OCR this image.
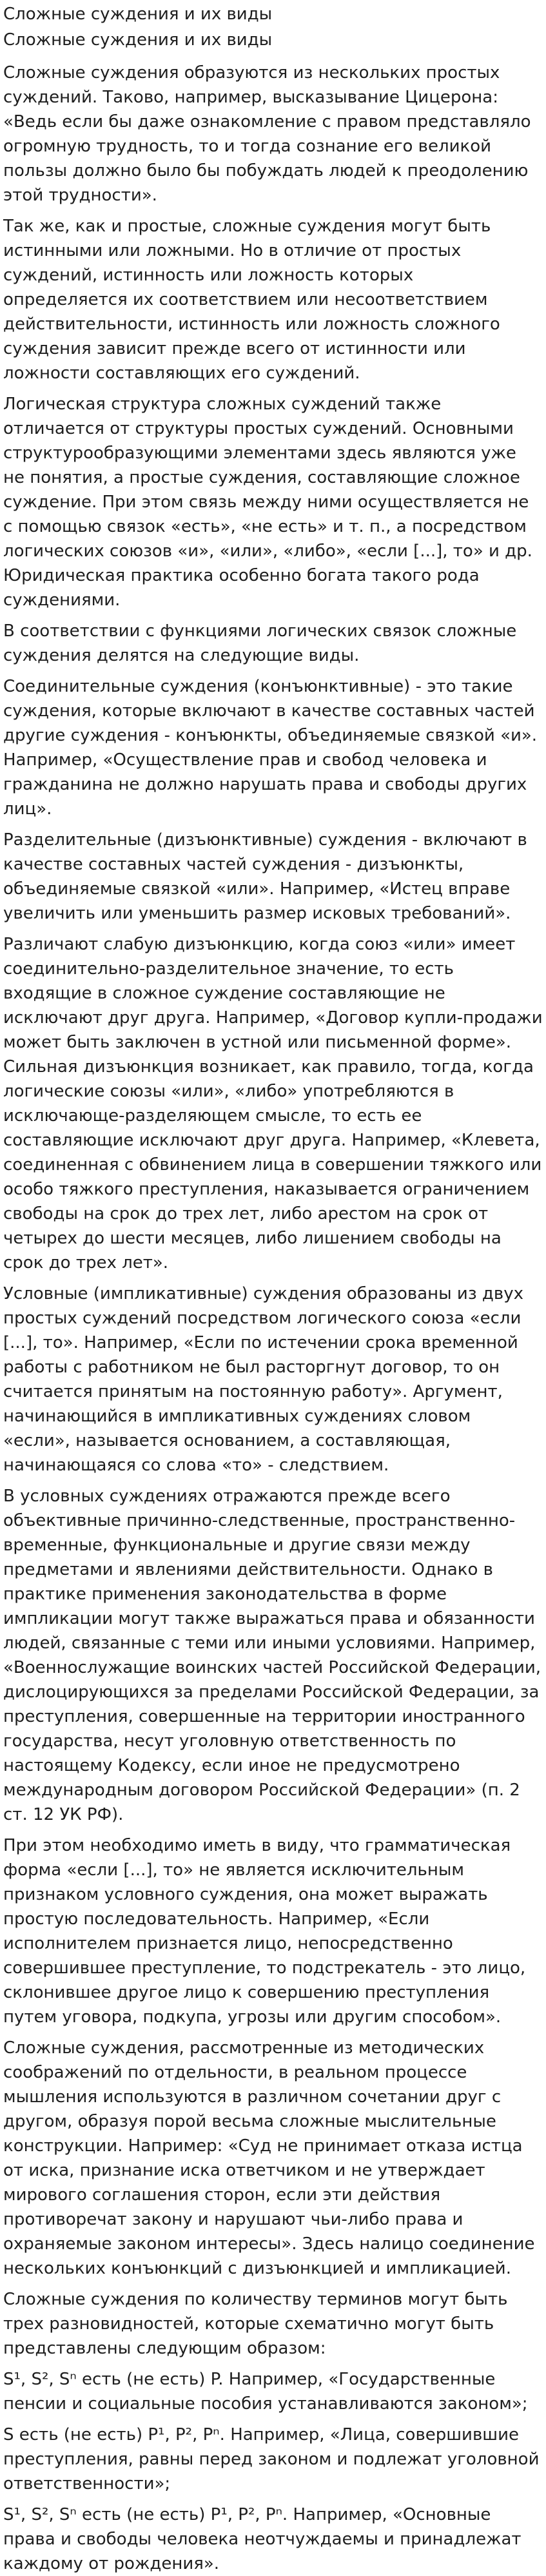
Сложные суждения и их виды
Сложные суждения и их виды

Сложные суждения образуются из нескольких простых суждений. Таково, например, высказывание Цицерона: «Ведь если бы даже ознакомление с правом представляло огромную трудность, то и тогда сознание его великой пользы должно было бы побуждать людей к преодолению этой трудности».

Так же, как и простые, сложные суждения могут быть истинными или ложными. Но в отличие от простых суждений, истинность или ложность которых определяется их соответствием или несоответствием действительности, истинность или ложность сложного суждения зависит прежде всего от истинности или ложности составляющих его суждений.

Логическая структура сложных суждений также отличается от структуры простых суждений. Основными структурообразующими элементами здесь являются уже не понятия, а простые суждения, составляющие сложное суждение. При этом связь между ними осуществляется не с помощью связок «есть», «не есть» и т. п., а посредством логических союзов «и», «или», «либо», «если [...], то» и др. Юридическая практика особенно богата такого рода суждениями.

В соответствии с функциями логических связок сложные суждения делятся на следующие виды.

Соединительные суждения (конъюнктивные) - это такие суждения, которые включают в качестве составных частей другие суждения - конъюнкты, объединяемые связкой «и». Например, «Осуществление прав и свобод человека и гражданина не должно нарушать права и свободы других лиц».

Разделительные (дизъюнктивные) суждения - включают в качестве составных частей суждения - дизъюнкты, объединяемые связкой «или». Например, «Истец вправе увеличить или уменьшить размер исковых требований».

Различают слабую дизъюнкцию, когда союз «или» имеет соединительно-разделительное значение, то есть входящие в сложное суждение составляющие не исключают друг друга. Например, «Договор купли-продажи может быть заключен в устной или письменной форме». Сильная дизъюнкция возникает, как правило, тогда, когда логические союзы «или», «либо» употребляются в исключающе-разделяющем смысле, то есть ее составляющие исключают друг друга. Например, «Клевета, соединенная с обвинением лица в совершении тяжкого или особо тяжкого преступления, наказывается ограничением свободы на срок до трех лет, либо арестом на срок от четырех до шести месяцев, либо лишением свободы на срок до трех лет».

Условные (импликативные) суждения образованы из двух простых суждений посредством логического союза «если [...], то». Например, «Если по истечении срока временной работы с работником не был расторгнут договор, то он считается принятым на постоянную работу». Аргумент, начинающийся в импликативных суждениях словом «если», называется основанием, а составляющая, начинающаяся со слова «то» - следствием.

В условных суждениях отражаются прежде всего объективные причинно-следственные, пространственно-временные, функциональные и другие связи между предметами и явлениями действительности. Однако в практике применения законодательства в форме импликации могут также выражаться права и обязанности людей, связанные с теми или иными условиями. Например, «Военнослужащие воинских частей Российской Федерации, дислоцирующихся за пределами Российской Федерации, за преступления, совершенные на территории иностранного государства, несут уголовную ответственность по настоящему Кодексу, если иное не предусмотрено международным договором Российской Федерации» (п. 2 ст. 12 УК РФ).

При этом необходимо иметь в виду, что грамматическая форма «если [...], то» не является исключительным признаком условного суждения, она может выражать простую последовательность. Например, «Если исполнителем признается лицо, непосредственно совершившее преступление, то подстрекатель - это лицо, склонившее другое лицо к совершению преступления путем уговора, подкупа, угрозы или другим способом».

Сложные суждения, рассмотренные из методических соображений по отдельности, в реальном процессе мышления используются в различном сочетании друг с другом, образуя порой весьма сложные мыслительные конструкции. Например: «Суд не принимает отказа истца от иска, признание иска ответчиком и не утверждает мирового соглашения сторон, если эти действия противоречат закону и нарушают чьи-либо права и охраняемые законом интересы». Здесь налицо соединение нескольких конъюнкций с дизъюнкцией и импликацией.

Сложные суждения по количеству терминов могут быть трех разновидностей, которые схематично могут быть представлены следующим образом:

S¹, S², Sⁿ есть (не есть) P. Например, «Государственные пенсии и социальные пособия устанавливаются законом»;

S есть (не есть) P¹, P², Pⁿ. Например, «Лица, совершившие преступления, равны перед законом и подлежат уголовной ответственности»;

S¹, S², Sⁿ есть (не есть) P¹, P², Pⁿ. Например, «Основные права и свободы человека неотчуждаемы и принадлежат каждому от рождения».
